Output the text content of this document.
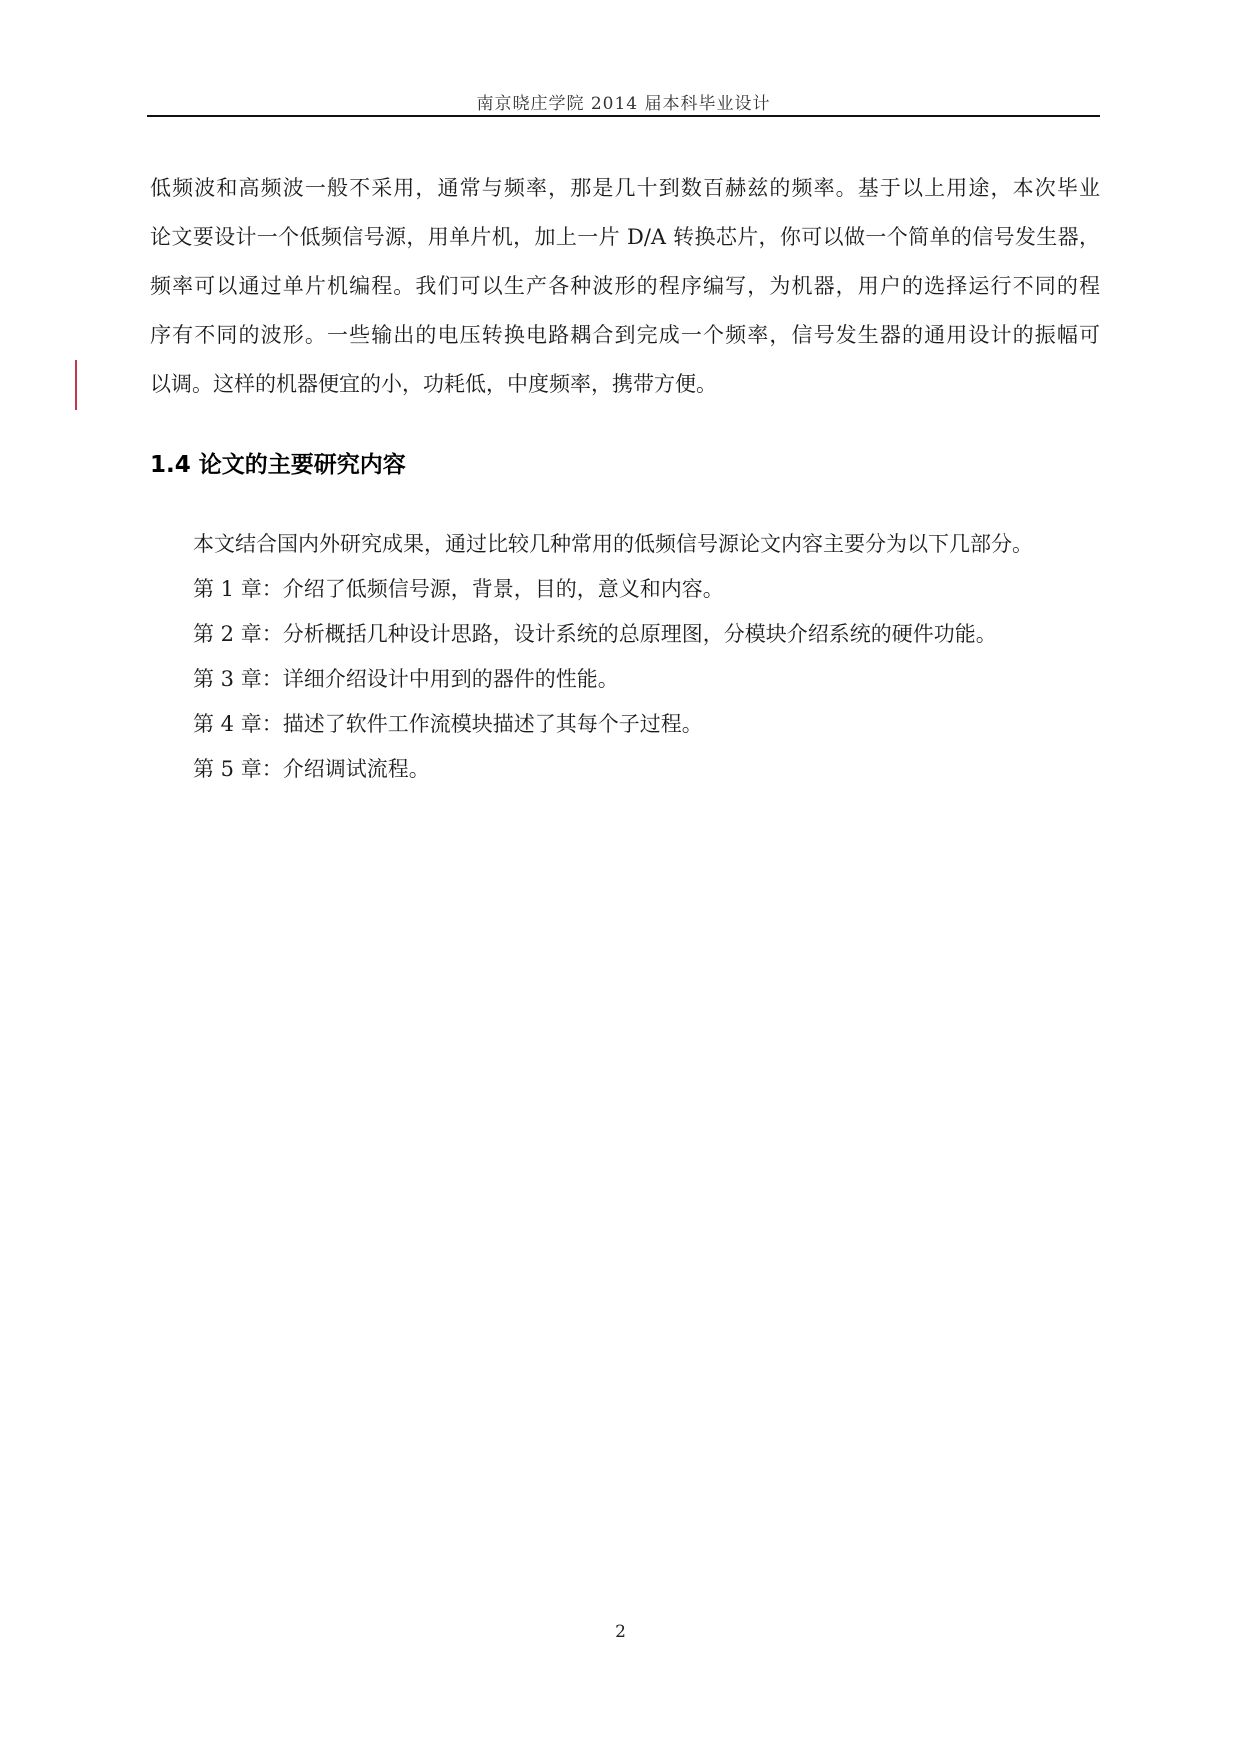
南京晓庄学院 2014 届本科毕业设计

低频波和高频波一般不采用，通常与频率，那是几十到数百赫兹的频率。基于以上用途，本次毕业
论文要设计一个低频信号源，用单片机，加上一片 D/A 转换芯片，你可以做一个简单的信号发生器，
频率可以通过单片机编程。我们可以生产各种波形的程序编写，为机器，用户的选择运行不同的程
序有不同的波形。一些输出的电压转换电路耦合到完成一个频率，信号发生器的通用设计的振幅可
以调。这样的机器便宜的小，功耗低，中度频率，携带方便。

1.4 论文的主要研究内容
本文结合国内外研究成果，通过比较几种常用的低频信号源论文内容主要分为以下几部分。
第 1 章：介绍了低频信号源，背景，目的，意义和内容。
第 2 章：分析概括几种设计思路，设计系统的总原理图，分模块介绍系统的硬件功能。
第 3 章：详细介绍设计中用到的器件的性能。
第 4 章：描述了软件工作流模块描述了其每个子过程。
第 5 章：介绍调试流程。
2
